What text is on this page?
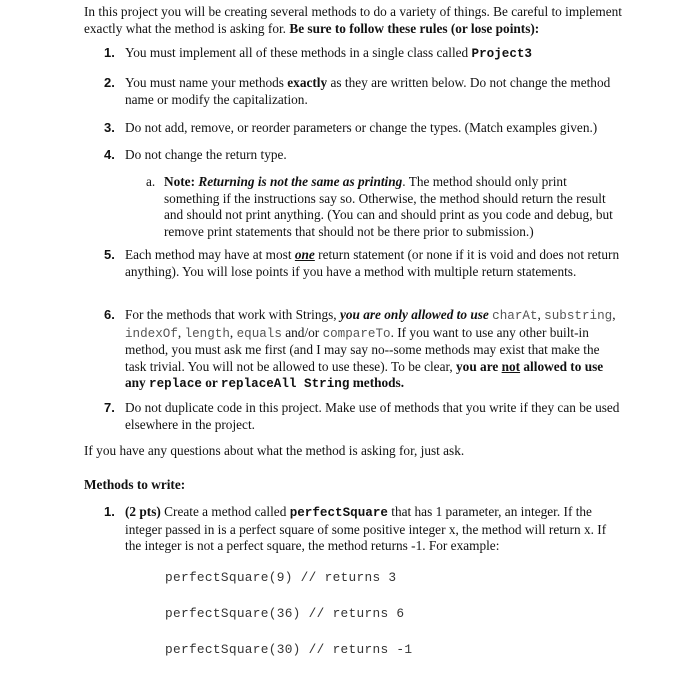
In this project you will be creating several methods to do a variety of things. Be careful to implement exactly what the method is asking for. Be sure to follow these rules (or lose points):
1. You must implement all of these methods in a single class called Project3
2. You must name your methods exactly as they are written below. Do not change the method name or modify the capitalization.
3. Do not add, remove, or reorder parameters or change the types. (Match examples given.)
4. Do not change the return type.
a. Note: Returning is not the same as printing. The method should only print something if the instructions say so. Otherwise, the method should return the result and should not print anything. (You can and should print as you code and debug, but remove print statements that should not be there prior to submission.)
5. Each method may have at most one return statement (or none if it is void and does not return anything). You will lose points if you have a method with multiple return statements.
6. For the methods that work with Strings, you are only allowed to use charAt, substring, indexOf, length, equals and/or compareTo. If you want to use any other built-in method, you must ask me first (and I may say no--some methods may exist that make the task trivial. You will not be allowed to use these). To be clear, you are not allowed to use any replace or replaceAll String methods.
7. Do not duplicate code in this project. Make use of methods that you write if they can be used elsewhere in the project.
If you have any questions about what the method is asking for, just ask.
Methods to write:
1. (2 pts) Create a method called perfectSquare that has 1 parameter, an integer. If the integer passed in is a perfect square of some positive integer x, the method will return x. If the integer is not a perfect square, the method returns -1. For example:
perfectSquare(9) // returns 3
perfectSquare(36) // returns 6
perfectSquare(30) // returns -1
